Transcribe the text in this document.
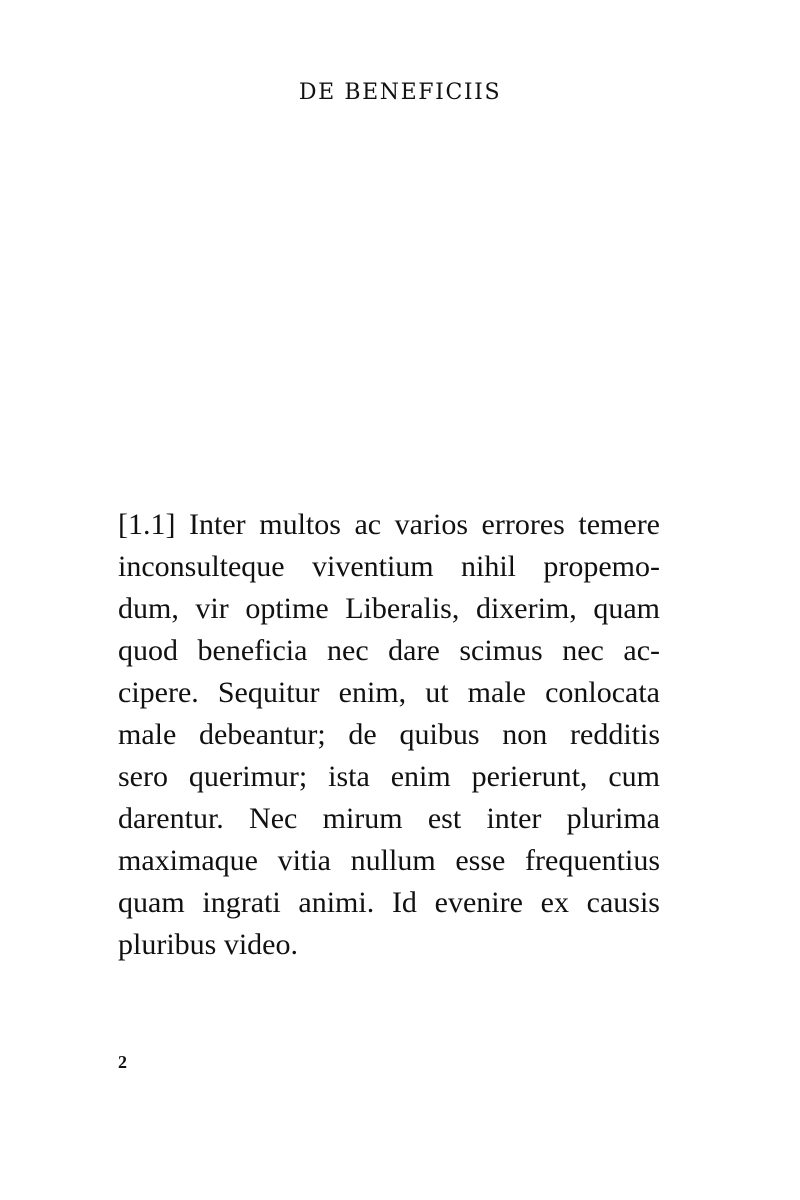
DE BENEFICIIS

[1.1] Inter multos ac varios errores temere
inconsulteque viventium nihil propemo-
dum, vir optime Liberalis, dixerim, quam
quod beneficia nec dare scimus nec ac-
cipere. Sequitur enim, ut male conlocata
male debeantur; de quibus non redditis
sero querimur; ista enim perierunt, cum
darentur. Nec mirum est inter plurima
maximaque vitia nullum esse frequentius
quam ingrati animi. Id evenire ex causis
pluribus video.

2
